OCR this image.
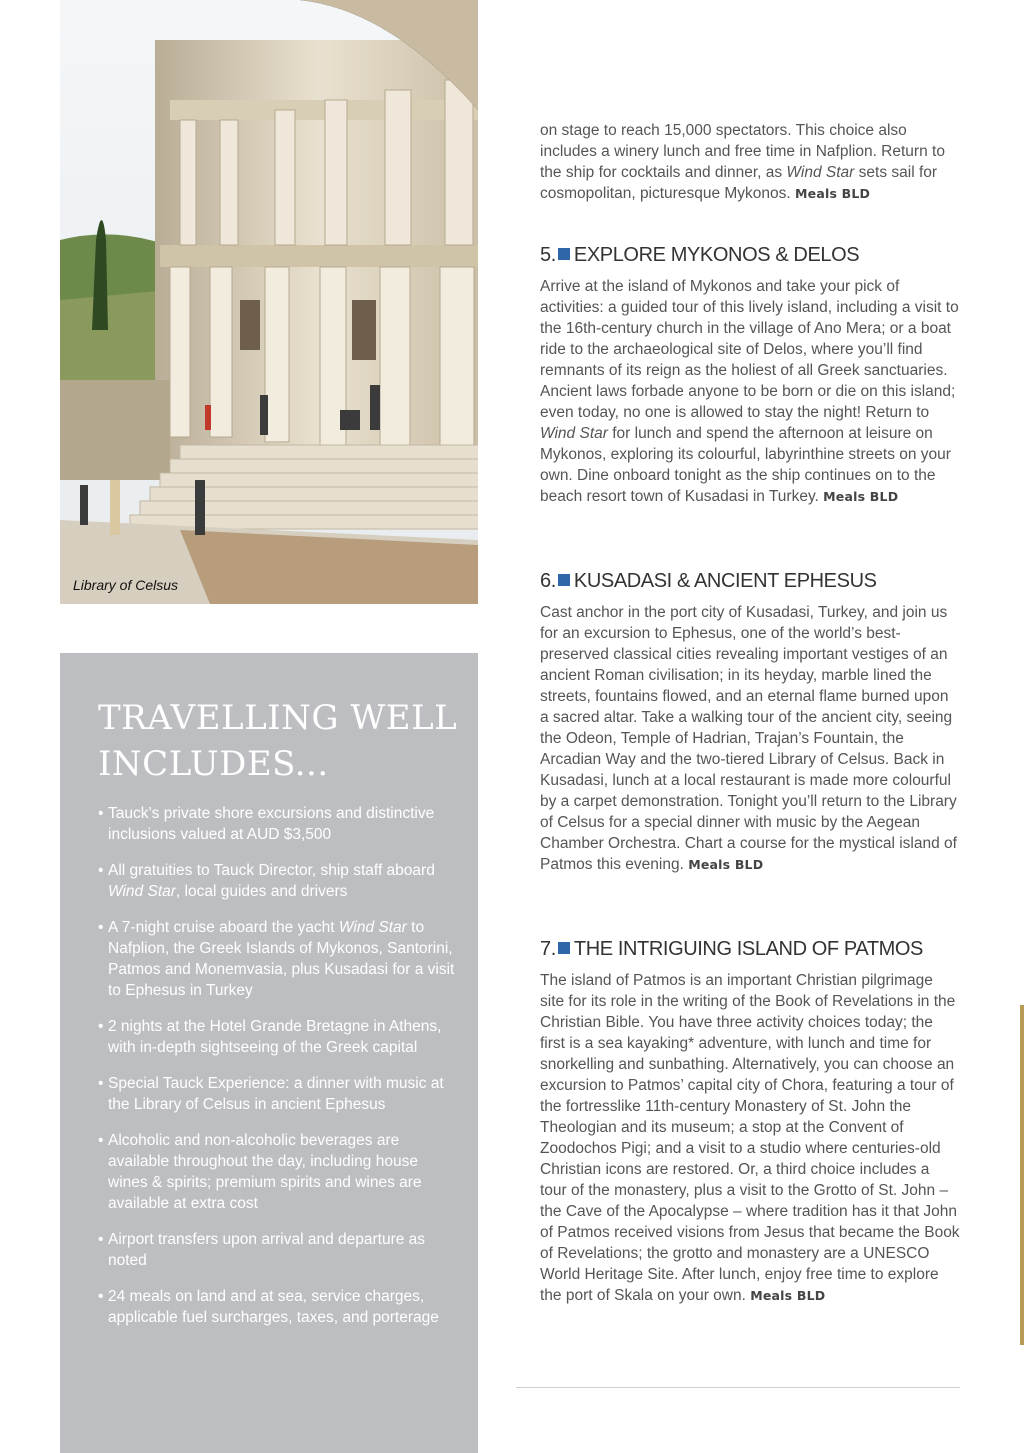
Library of Celsus
TRAVELLING WELL INCLUDES...
• Tauck’s private shore excursions and distinctive inclusions valued at AUD $3,500
• All gratuities to Tauck Director, ship staff aboard Wind Star, local guides and drivers
• A 7-night cruise aboard the yacht Wind Star to Nafplion, the Greek Islands of Mykonos, Santorini, Patmos and Monemvasia, plus Kusadasi for a visit to Ephesus in Turkey
• 2 nights at the Hotel Grande Bretagne in Athens, with in-depth sightseeing of the Greek capital
• Special Tauck Experience: a dinner with music at the Library of Celsus in ancient Ephesus
• Alcoholic and non-alcoholic beverages are available throughout the day, including house wines & spirits; premium spirits and wines are available at extra cost
• Airport transfers upon arrival and departure as noted
• 24 meals on land and at sea, service charges, applicable fuel surcharges, taxes, and porterage

on stage to reach 15,000 spectators. This choice also includes a winery lunch and free time in Nafplion. Return to the ship for cocktails and dinner, as Wind Star sets sail for cosmopolitan, picturesque Mykonos. Meals BLD

5. EXPLORE MYKONOS & DELOS

Arrive at the island of Mykonos and take your pick of activities: a guided tour of this lively island, including a visit to the 16th-century church in the village of Ano Mera; or a boat ride to the archaeological site of Delos, where you’ll find remnants of its reign as the holiest of all Greek sanctuaries. Ancient laws forbade anyone to be born or die on this island; even today, no one is allowed to stay the night! Return to Wind Star for lunch and spend the afternoon at leisure on Mykonos, exploring its colourful, labyrinthine streets on your own. Dine onboard tonight as the ship continues on to the beach resort town of Kusadasi in Turkey. Meals BLD

6. KUSADASI & ANCIENT EPHESUS

Cast anchor in the port city of Kusadasi, Turkey, and join us for an excursion to Ephesus, one of the world’s best-preserved classical cities revealing important vestiges of an ancient Roman civilisation; in its heyday, marble lined the streets, fountains flowed, and an eternal flame burned upon a sacred altar. Take a walking tour of the ancient city, seeing the Odeon, Temple of Hadrian, Trajan’s Fountain, the Arcadian Way and the two-tiered Library of Celsus. Back in Kusadasi, lunch at a local restaurant is made more colourful by a carpet demonstration. Tonight you’ll return to the Library of Celsus for a special dinner with music by the Aegean Chamber Orchestra. Chart a course for the mystical island of Patmos this evening. Meals BLD

7. THE INTRIGUING ISLAND OF PATMOS

The island of Patmos is an important Christian pilgrimage site for its role in the writing of the Book of Revelations in the Christian Bible. You have three activity choices today; the first is a sea kayaking* adventure, with lunch and time for snorkelling and sunbathing. Alternatively, you can choose an excursion to Patmos’ capital city of Chora, featuring a tour of the fortresslike 11th-century Monastery of St. John the Theologian and its museum; a stop at the Convent of Zoodochos Pigi; and a visit to a studio where centuries-old Christian icons are restored. Or, a third choice includes a tour of the monastery, plus a visit to the Grotto of St. John – the Cave of the Apocalypse – where tradition has it that John of Patmos received visions from Jesus that became the Book of Revelations; the grotto and monastery are a UNESCO World Heritage Site. After lunch, enjoy free time to explore the port of Skala on your own. Meals BLD
